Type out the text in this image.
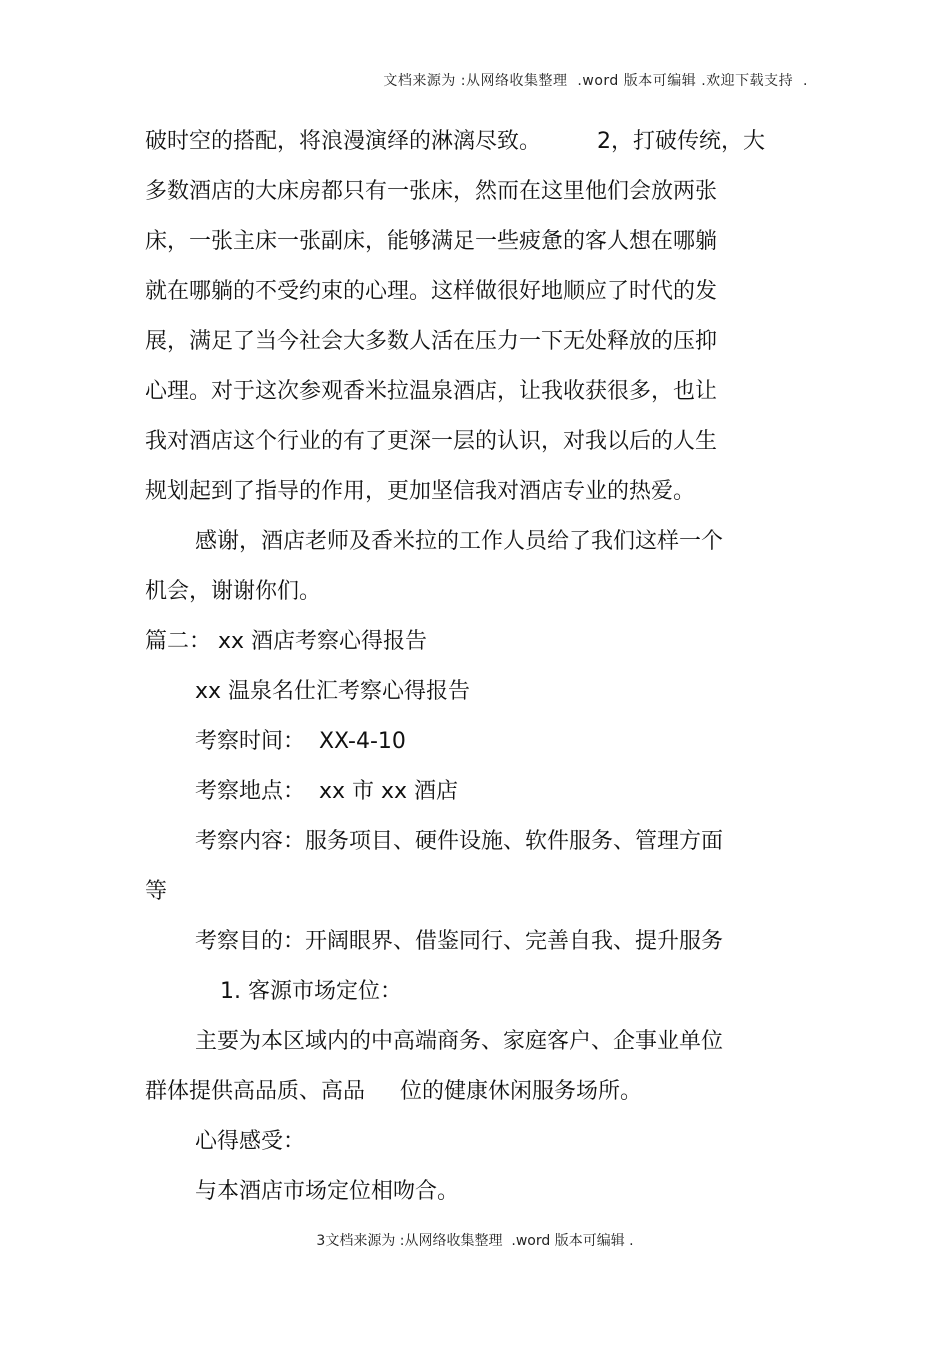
文档来源为 :从网络收集整理  .word 版本可编辑 .欢迎下载支持  .
破时空的搭配，将浪漫演绎的淋漓尽致。        2，打破传统，大
多数酒店的大床房都只有一张床，然而在这里他们会放两张
床，一张主床一张副床，能够满足一些疲惫的客人想在哪躺
就在哪躺的不受约束的心理。这样做很好地顺应了时代的发
展，满足了当今社会大多数人活在压力一下无处释放的压抑
心理。对于这次参观香米拉温泉酒店，让我收获很多，也让
我对酒店这个行业的有了更深一层的认识，对我以后的人生
规划起到了指导的作用，更加坚信我对酒店专业的热爱。
感谢，酒店老师及香米拉的工作人员给了我们这样一个
机会，谢谢你们。
篇二： xx 酒店考察心得报告
xx 温泉名仕汇考察心得报告
考察时间：  XX-4-10
考察地点：  xx 市 xx 酒店
考察内容：服务项目、硬件设施、软件服务、管理方面
等
考察目的：开阔眼界、借鉴同行、完善自我、提升服务
1. 客源市场定位：
主要为本区域内的中高端商务、家庭客户、企事业单位
群体提供高品质、高品     位的健康休闲服务场所。
心得感受：
与本酒店市场定位相吻合。
3文档来源为 :从网络收集整理  .word 版本可编辑 .
